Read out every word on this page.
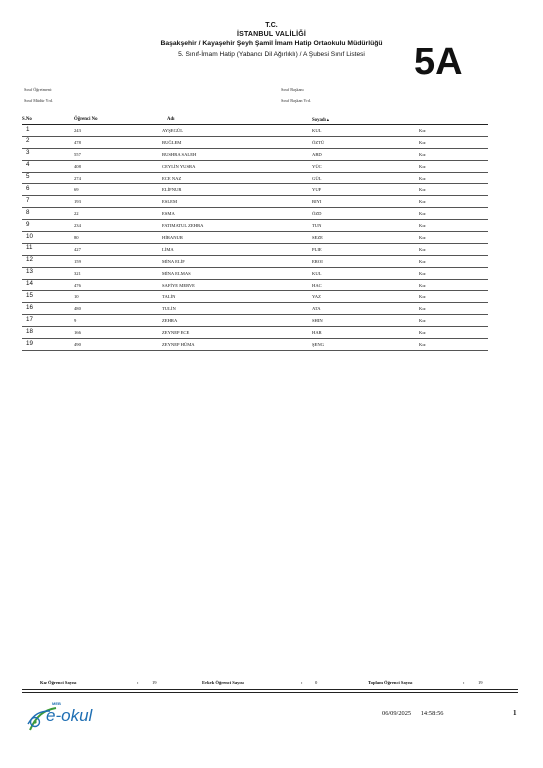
T.C.
İSTANBUL VALİLİĞİ
Başakşehir / Kayaşehir Şeyh Şamil İmam Hatip Ortaokulu Müdürlüğü
5. Sınıf-İmam Hatip (Yabancı Dil Ağırlıklı) / A Şubesi Sınıf Listesi	5A
Sınıf Öğretmeni:
Sınıf Müdür Yrd.
Sınıf Başkanı
Sınıf Başkan Yrd.
S.No	Öğrenci No	Adı	Soyadı▲
1	243	AYŞEGÜL	KUL	Kız
2	478	BUĞLEM	ÖZTÜ	Kız
3	557	BUSHRA SALEH	ABD	Kız
4	408	CEYLİN YUSRA	YÜC	Kız
5	274	ECE NAZ	GÜL	Kız
6	69	ELİFNUR	YUF	Kız
7	193	ESLEM	BIYI	Kız
8	22	ESMA	ÖZD	Kız
9	234	FATIMATUL ZEHRA	TUN	Kız
10	80	HİRANUR	SEZE	Kız
11	427	LİMA	PLIE	Kız
12	159	MİNA ELİF	EROI	Kız
13	321	MİNA ELMAS	KUL	Kız
14	476	SAFİYE MERVE	HAC	Kız
15	10	TALİN	YAZ	Kız
16	480	TULİN	ATA	Kız
17	9	ZEHRA	SHIN	Kız
18	166	ZEYNEP ECE	HAR	Kız
19	490	ZEYNEP HÜMA	ŞENG	Kız
Kız Öğrenci Sayısı	:	19	Erkek Öğrenci Sayısı	:	0	Toplam Öğrenci Sayısı	:	19
MEB
e-okul	06/09/2025 14:58:56	1
